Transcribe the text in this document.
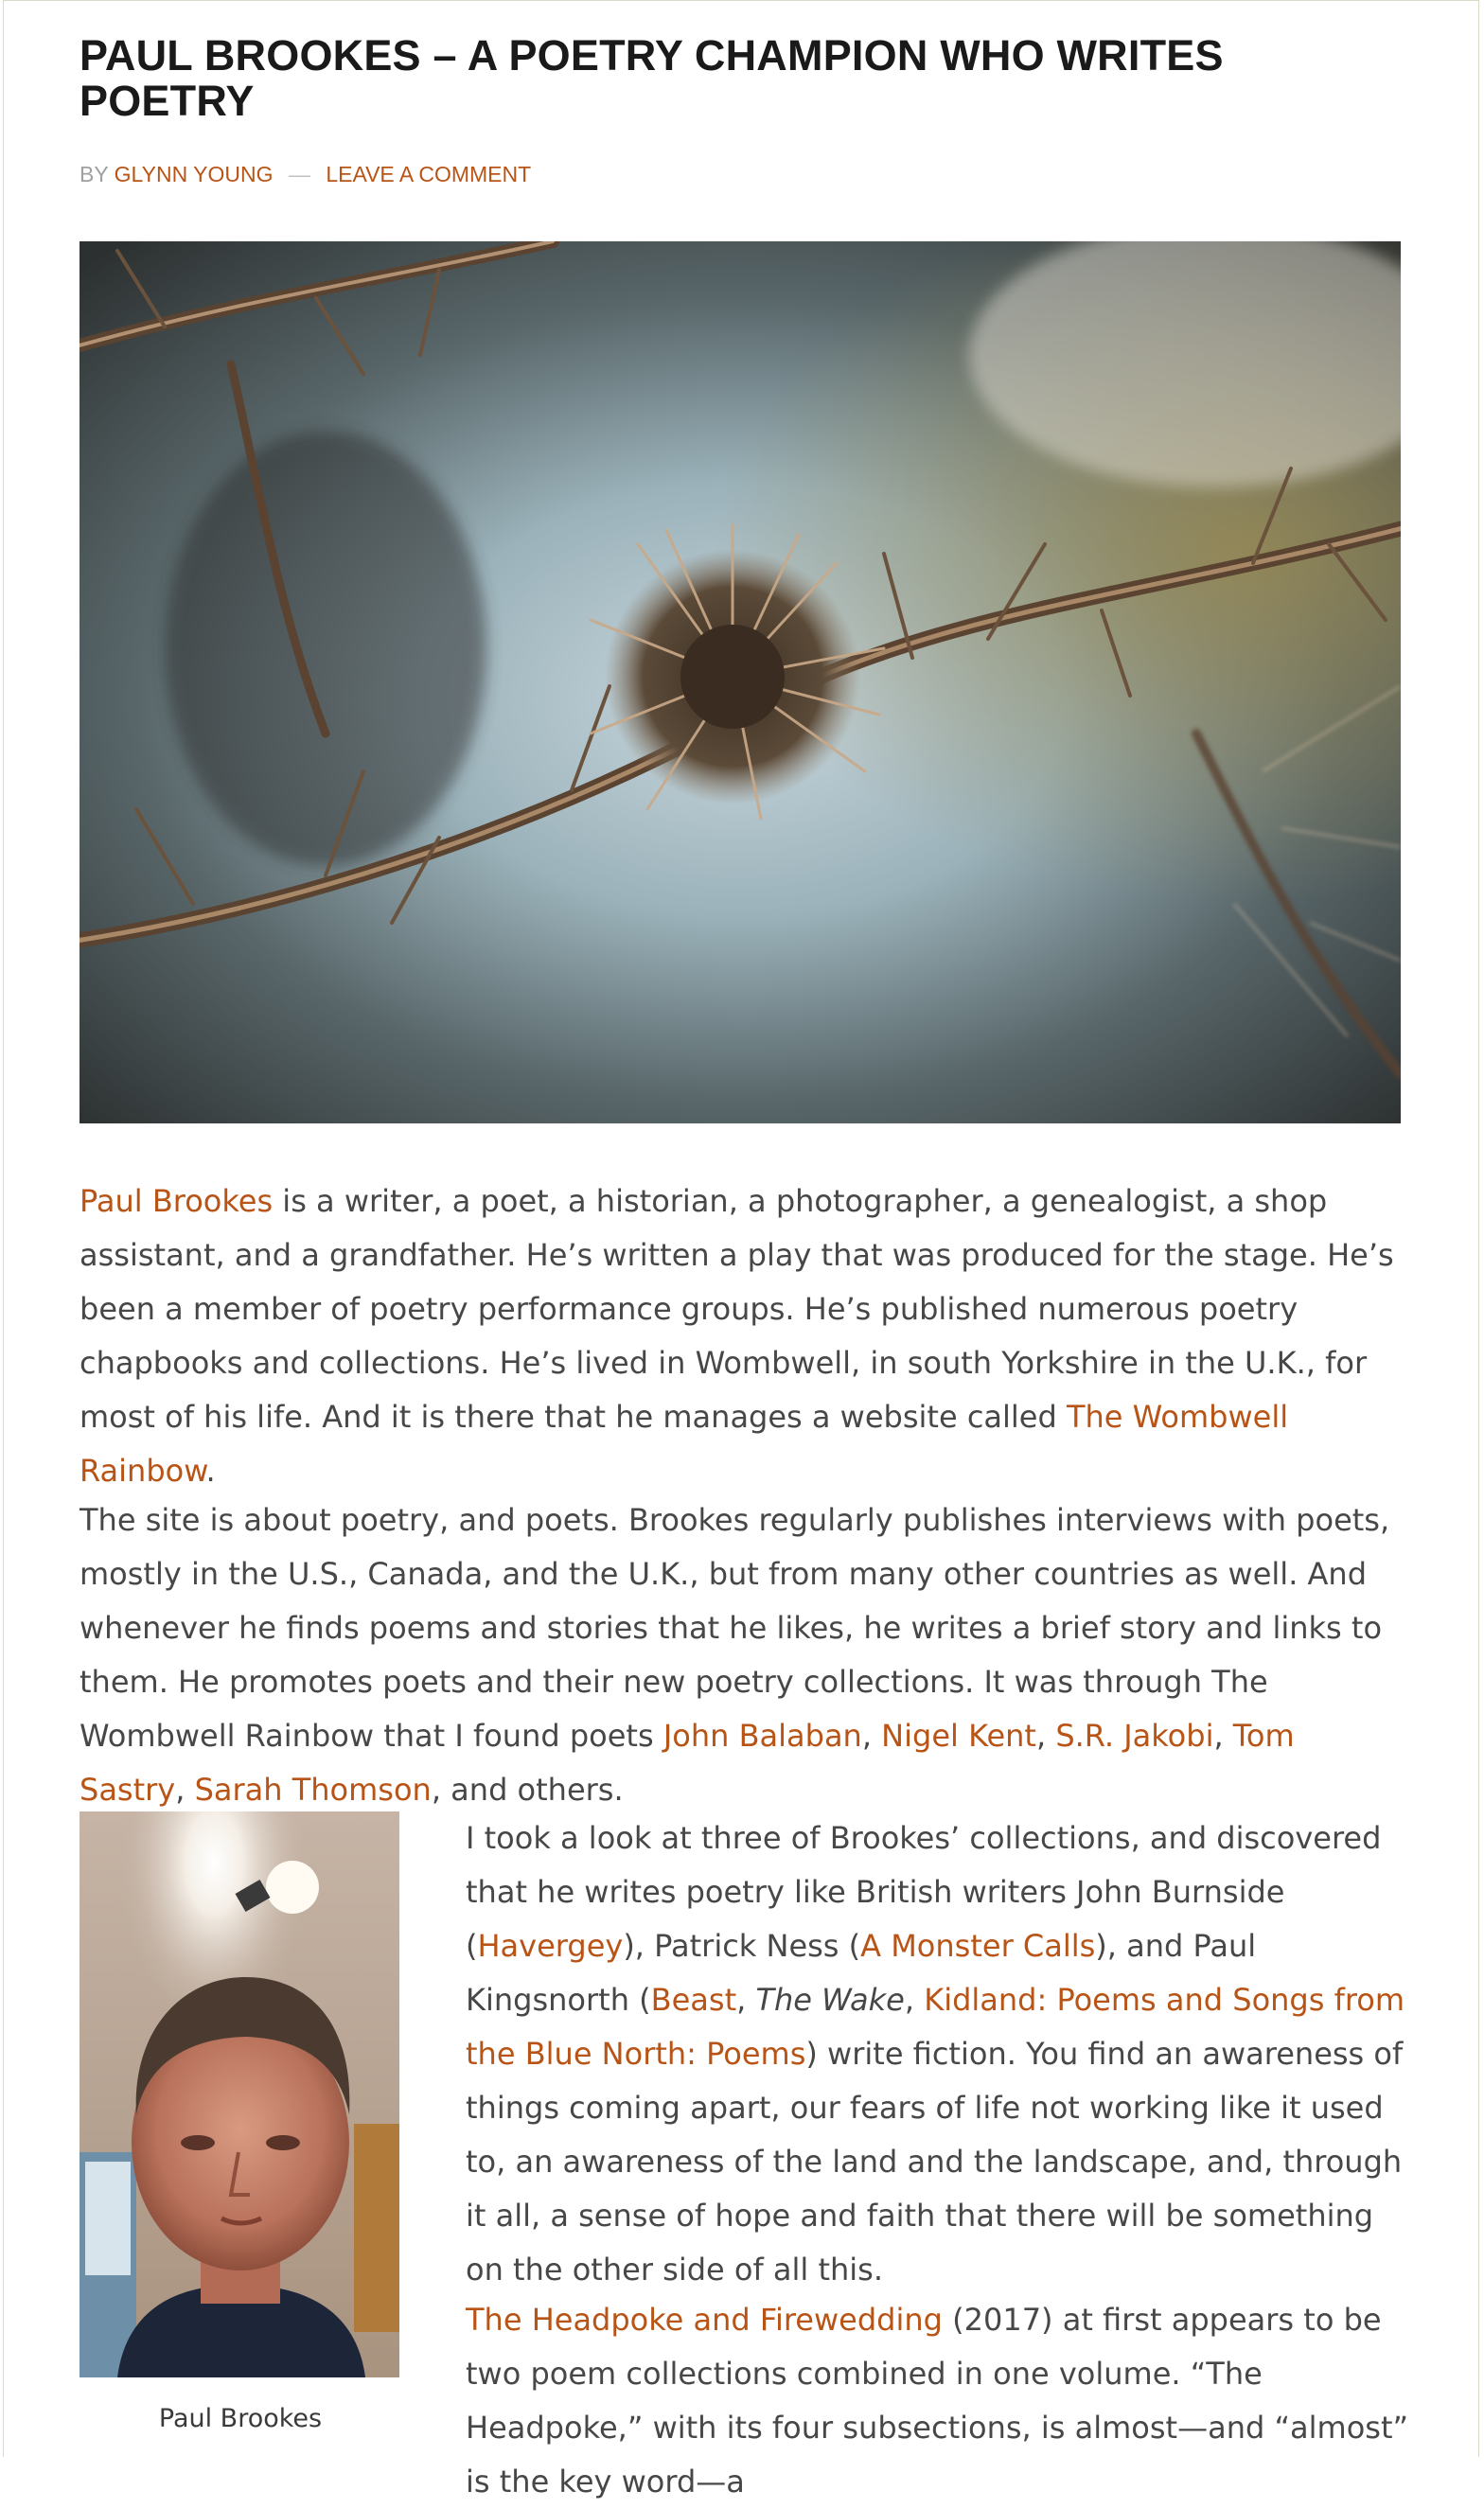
PAUL BROOKES – A POETRY CHAMPION WHO WRITES POETRY
BY GLYNN YOUNG — LEAVE A COMMENT

Paul Brookes is a writer, a poet, a historian, a photographer, a genealogist, a shop assistant, and a grandfather. He’s written a play that was produced for the stage. He’s been a member of poetry performance groups. He’s published numerous poetry chapbooks and collections. He’s lived in Wombwell, in south Yorkshire in the U.K., for most of his life. And it is there that he manages a website called The Wombwell Rainbow.

The site is about poetry, and poets. Brookes regularly publishes interviews with poets, mostly in the U.S., Canada, and the U.K., but from many other countries as well. And whenever he finds poems and stories that he likes, he writes a brief story and links to them. He promotes poets and their new poetry collections. It was through The Wombwell Rainbow that I found poets John Balaban, Nigel Kent, S.R. Jakobi, Tom Sastry, Sarah Thomson, and others.

Paul Brookes

I took a look at three of Brookes’ collections, and discovered that he writes poetry like British writers John Burnside (Havergey), Patrick Ness (A Monster Calls), and Paul Kingsnorth (Beast, The Wake, Kidland: Poems and Songs from the Blue North: Poems) write fiction. You find an awareness of things coming apart, our fears of life not working like it used to, an awareness of the land and the landscape, and, through it all, a sense of hope and faith that there will be something on the other side of all this.

The Headpoke and Firewedding (2017) at first appears to be two poem collections combined in one volume. “The Headpoke,” with its four subsections, is almost—and “almost” is the key word—a
